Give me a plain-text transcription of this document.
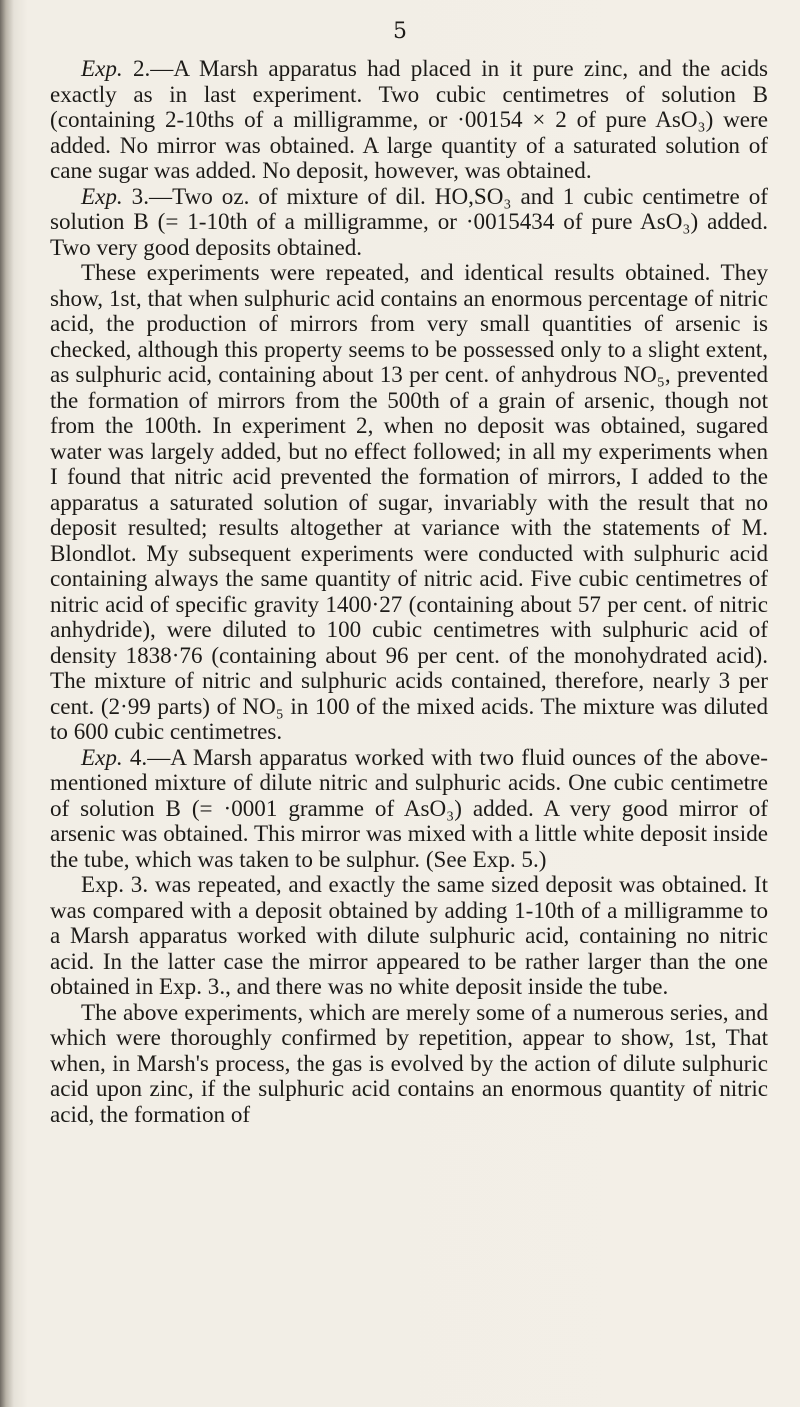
5

Exp. 2.—A Marsh apparatus had placed in it pure zinc, and the acids exactly as in last experiment. Two cubic centimetres of solution B (containing 2-10ths of a milligramme, or ·00154 × 2 of pure AsO₃) were added. No mirror was obtained. A large quantity of a saturated solution of cane sugar was added. No deposit, however, was obtained.

Exp. 3.—Two oz. of mixture of dil. HO,SO₃ and 1 cubic centimetre of solution B (= 1-10th of a milligramme, or ·0015434 of pure AsO₃) added. Two very good deposits obtained.

These experiments were repeated, and identical results obtained. They show, 1st, that when sulphuric acid contains an enormous percentage of nitric acid, the production of mirrors from very small quantities of arsenic is checked, although this property seems to be possessed only to a slight extent, as sulphuric acid, containing about 13 per cent. of anhydrous NO₅, prevented the formation of mirrors from the 500th of a grain of arsenic, though not from the 100th. In experiment 2, when no deposit was obtained, sugared water was largely added, but no effect followed; in all my experiments when I found that nitric acid prevented the formation of mirrors, I added to the apparatus a saturated solution of sugar, invariably with the result that no deposit resulted; results altogether at variance with the statements of M. Blondlot. My subsequent experiments were conducted with sulphuric acid containing always the same quantity of nitric acid. Five cubic centimetres of nitric acid of specific gravity 1400·27 (containing about 57 per cent. of nitric anhydride), were diluted to 100 cubic centimetres with sulphuric acid of density 1838·76 (containing about 96 per cent. of the monohydrated acid). The mixture of nitric and sulphuric acids contained, therefore, nearly 3 per cent. (2·99 parts) of NO₅ in 100 of the mixed acids. The mixture was diluted to 600 cubic centimetres.

Exp. 4.—A Marsh apparatus worked with two fluid ounces of the above-mentioned mixture of dilute nitric and sulphuric acids. One cubic centimetre of solution B (= ·0001 gramme of AsO₃) added. A very good mirror of arsenic was obtained. This mirror was mixed with a little white deposit inside the tube, which was taken to be sulphur. (See Exp. 5.)

Exp. 3. was repeated, and exactly the same sized deposit was obtained. It was compared with a deposit obtained by adding 1-10th of a milligramme to a Marsh apparatus worked with dilute sulphuric acid, containing no nitric acid. In the latter case the mirror appeared to be rather larger than the one obtained in Exp. 3., and there was no white deposit inside the tube.

The above experiments, which are merely some of a numerous series, and which were thoroughly confirmed by repetition, appear to show, 1st, That when, in Marsh's process, the gas is evolved by the action of dilute sulphuric acid upon zinc, if the sulphuric acid contains an enormous quantity of nitric acid, the formation of
